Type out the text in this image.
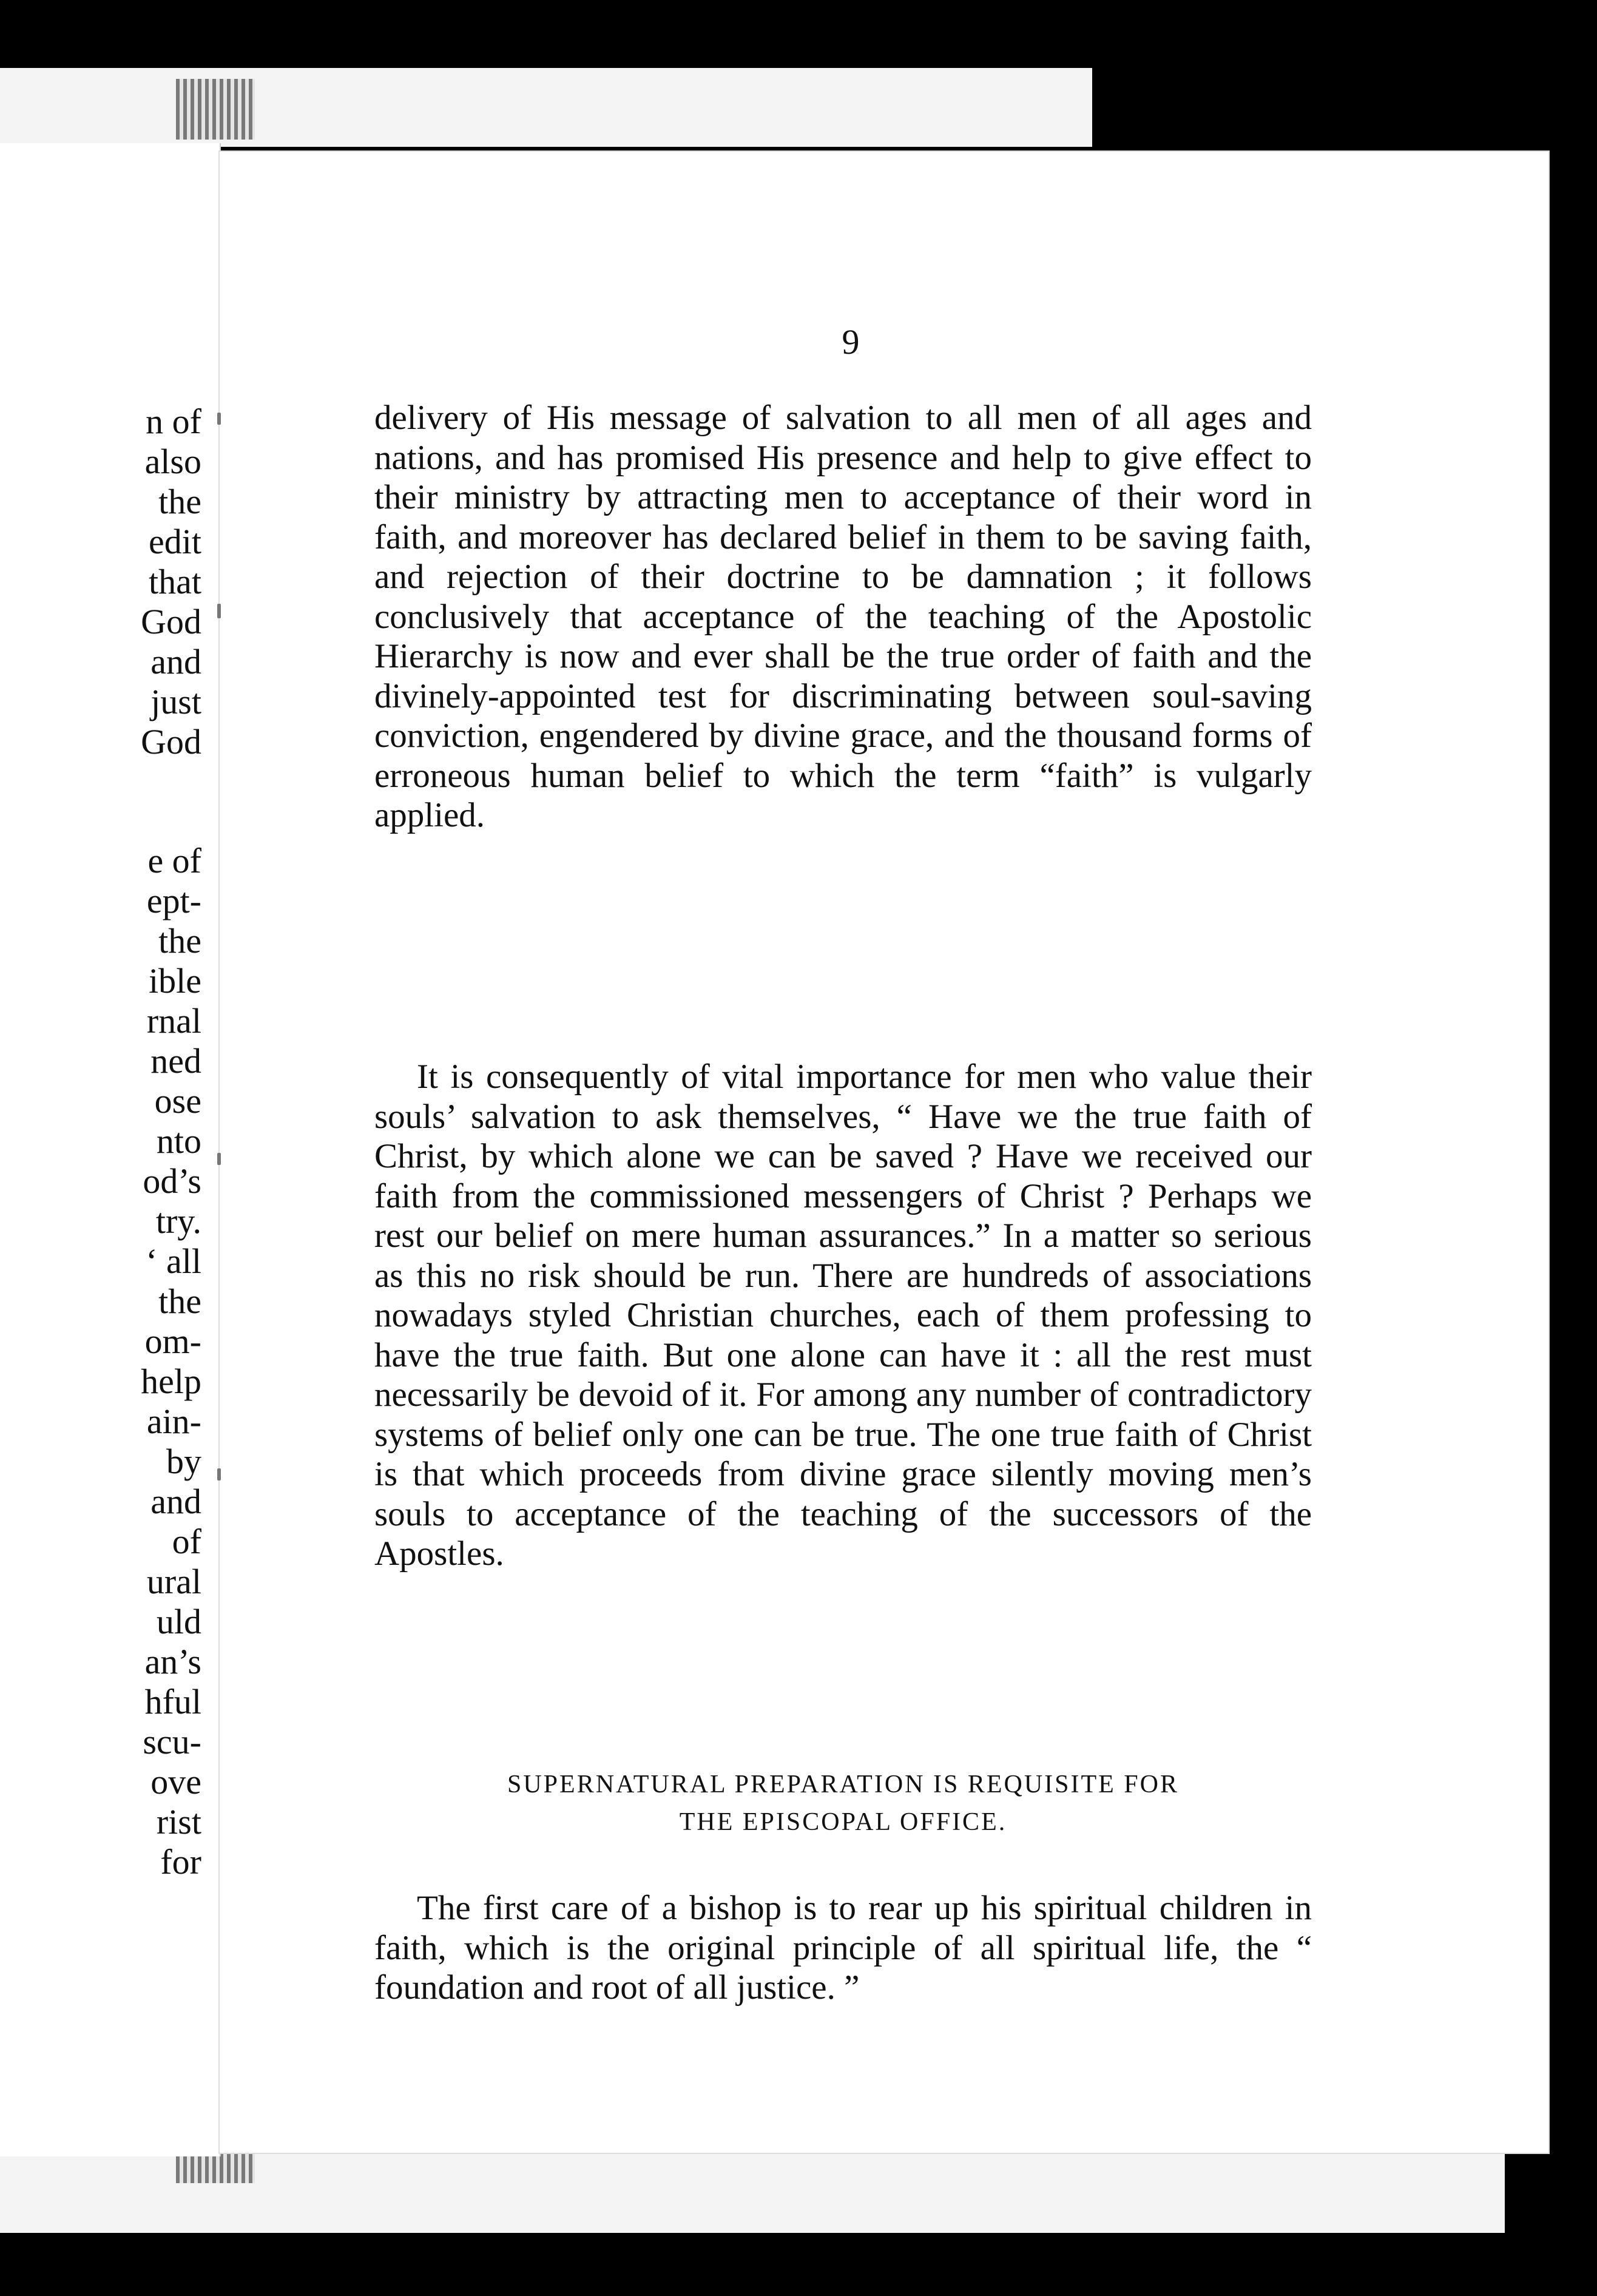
n of
also
the
edit
that
God
and
just
God
e of
ept-
the
ible
rnal
ned
ose
nto
od’s
try.
‘ all
the
om-
help
ain-
by
and
of
ural
uld
an’s
hful
scu-
ove
rist
for
9

delivery of His message of salvation to all men of all ages and nations, and has promised His presence and help to give effect to their ministry by attracting men to acceptance of their word in faith, and moreover has declared belief in them to be saving faith, and rejection of their doctrine to be damnation ; it follows conclusively that acceptance of the teaching of the Apostolic Hierarchy is now and ever shall be the true order of faith and the divinely-appointed test for discriminating between soul-saving conviction, engendered by divine grace, and the thousand forms of erroneous human belief to which the term “faith” is vulgarly applied.

It is consequently of vital importance for men who value their souls’ salvation to ask themselves, “ Have we the true faith of Christ, by which alone we can be saved ? Have we received our faith from the commissioned messengers of Christ ? Perhaps we rest our belief on mere human assurances.” In a matter so serious as this no risk should be run. There are hundreds of associations nowadays styled Christian churches, each of them professing to have the true faith. But one alone can have it : all the rest must necessarily be devoid of it. For among any number of contradictory systems of belief only one can be true. The one true faith of Christ is that which proceeds from divine grace silently moving men’s souls to acceptance of the teaching of the successors of the Apostles.

SUPERNATURAL PREPARATION IS REQUISITE FOR
THE EPISCOPAL OFFICE.

The first care of a bishop is to rear up his spiritual children in faith, which is the original principle of all spiritual life, the “ foundation and root of all justice. ”
